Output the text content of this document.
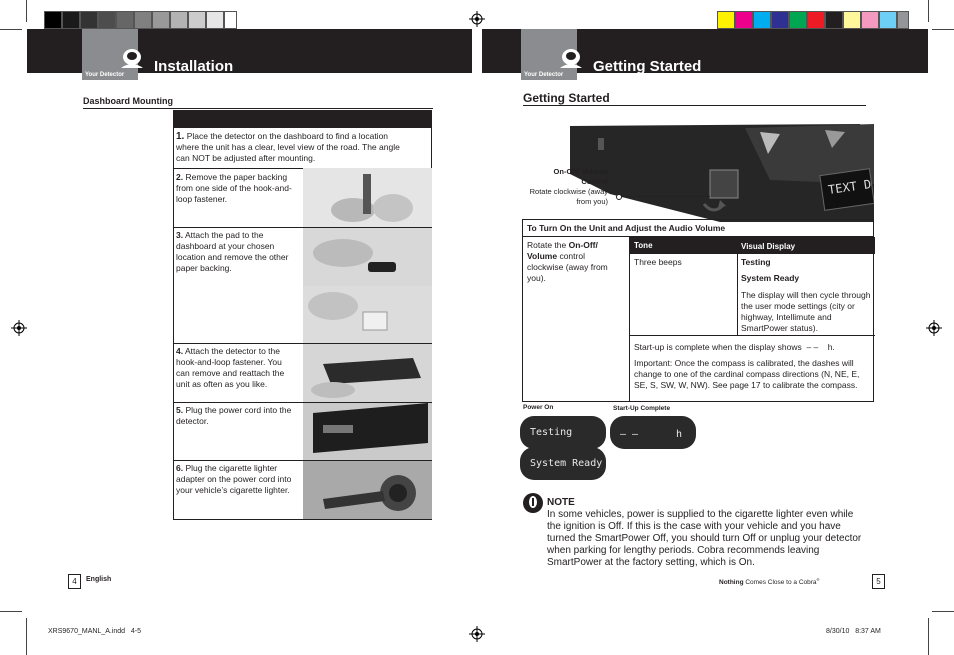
Your Detector Installation	Your Detector Getting Started
Dashboard Mounting
1. Place the detector on the dashboard to find a location where the unit has a clear, level view of the road. The angle can NOT be adjusted after mounting.
2. Remove the paper backing from one side of the hook-and-loop fastener.
3. Attach the pad to the dashboard at your chosen location and remove the other paper backing.
4. Attach the detector to the hook-and-loop fastener. You can remove and reattach the unit as often as you like.
5. Plug the power cord into the detector.
6. Plug the cigarette lighter adapter on the power cord into your vehicle’s cigarette lighter.
4	English
XRS9670_MANL_A.indd   4-5
Getting Started
TEXT D
On-Off/ Volume Control
Rotate clockwise (away from you)
To Turn On the Unit and Adjust the Audio Volume
Rotate the On-Off/ Volume control clockwise (away from you).
Tone	Visual Display
Three beeps	Testing
System Ready
The display will then cycle through the user mode settings (city or highway, Intellimute and SmartPower status).
Start-up is complete when the display shows  – –    h.
Important: Once the compass is calibrated, the dashes will change to one of the cardinal compass directions (N, NE, E, SE, S, SW, W, NW). See page 17 to calibrate the compass.
Power On	Start-Up Complete
Testing
System Ready
– –	h
NOTE
In some vehicles, power is supplied to the cigarette lighter even while the ignition is Off. If this is the case with your vehicle and you have turned the SmartPower Off, you should turn Off or unplug your detector when parking for lengthy periods. Cobra recommends leaving SmartPower at the factory setting, which is On.
Nothing Comes Close to a Cobra®	5
8/30/10   8:37 AM
